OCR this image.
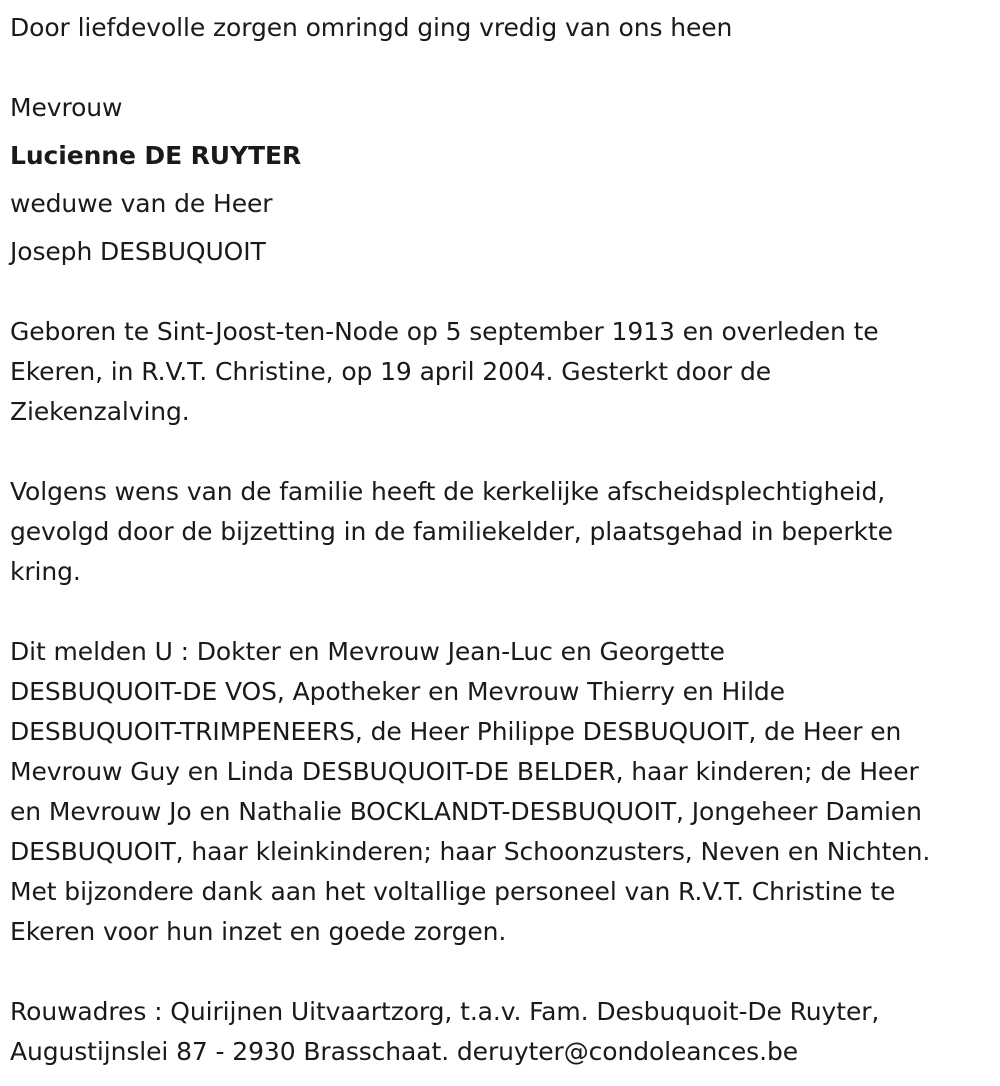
Door liefdevolle zorgen omringd ging vredig van ons heen
Mevrouw
Lucienne DE RUYTER
weduwe van de Heer
Joseph DESBUQUOIT
Geboren te Sint-Joost-ten-Node op 5 september 1913 en overleden te
Ekeren, in R.V.T. Christine, op 19 april 2004. Gesterkt door de
Ziekenzalving.
Volgens wens van de familie heeft de kerkelijke afscheidsplechtigheid,
gevolgd door de bijzetting in de familiekelder, plaatsgehad in beperkte
kring.
Dit melden U : Dokter en Mevrouw Jean-Luc en Georgette
DESBUQUOIT-DE VOS, Apotheker en Mevrouw Thierry en Hilde
DESBUQUOIT-TRIMPENEERS, de Heer Philippe DESBUQUOIT, de Heer en
Mevrouw Guy en Linda DESBUQUOIT-DE BELDER, haar kinderen; de Heer
en Mevrouw Jo en Nathalie BOCKLANDT-DESBUQUOIT, Jongeheer Damien
DESBUQUOIT, haar kleinkinderen; haar Schoonzusters, Neven en Nichten.
Met bijzondere dank aan het voltallige personeel van R.V.T. Christine te
Ekeren voor hun inzet en goede zorgen.
Rouwadres : Quirijnen Uitvaartzorg, t.a.v. Fam. Desbuquoit-De Ruyter,
Augustijnslei 87 - 2930 Brasschaat. deruyter@condoleances.be
